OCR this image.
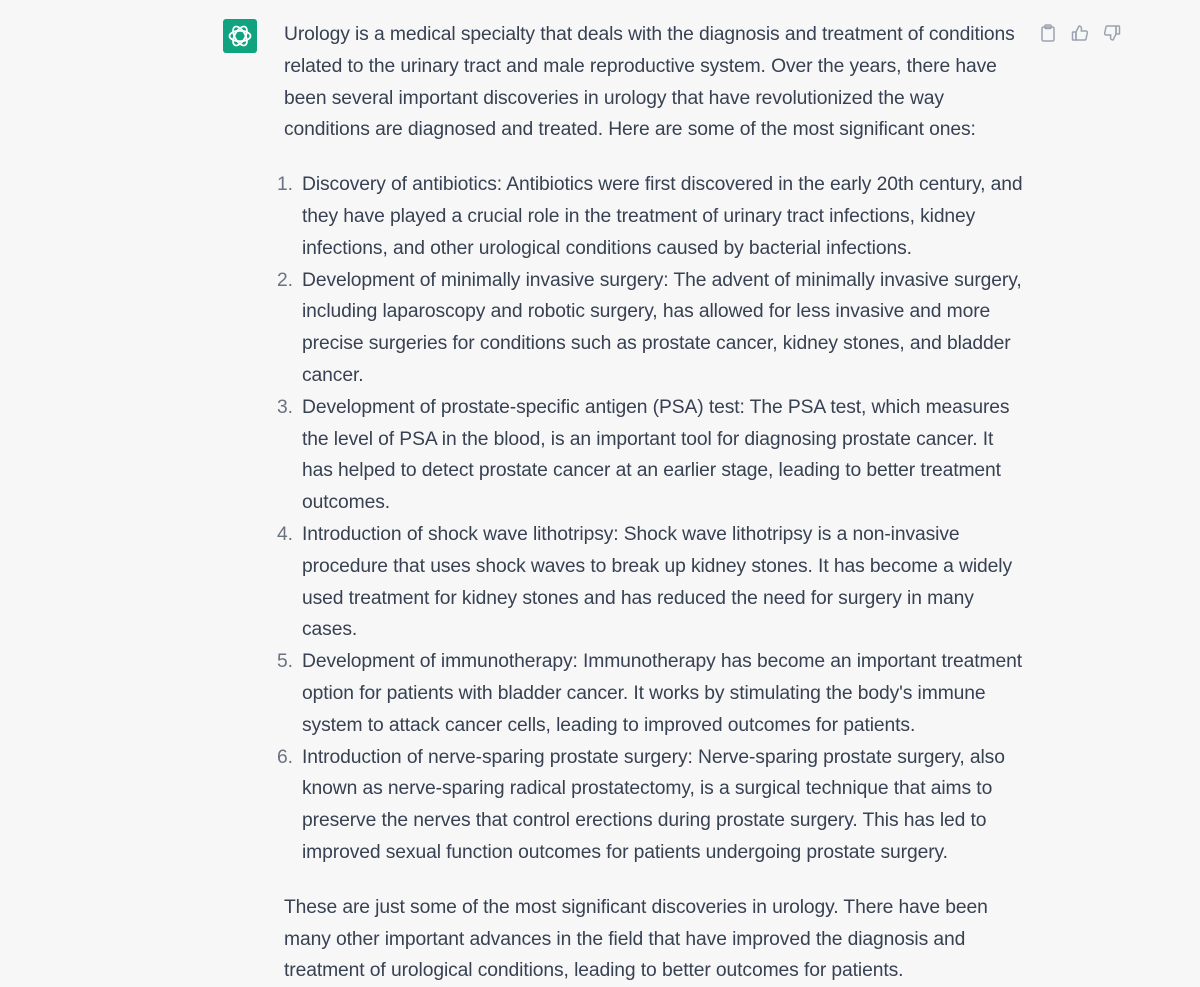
Urology is a medical specialty that deals with the diagnosis and treatment of conditions related to the urinary tract and male reproductive system. Over the years, there have been several important discoveries in urology that have revolutionized the way conditions are diagnosed and treated. Here are some of the most significant ones:

1. Discovery of antibiotics: Antibiotics were first discovered in the early 20th century, and they have played a crucial role in the treatment of urinary tract infections, kidney infections, and other urological conditions caused by bacterial infections.
2. Development of minimally invasive surgery: The advent of minimally invasive surgery, including laparoscopy and robotic surgery, has allowed for less invasive and more precise surgeries for conditions such as prostate cancer, kidney stones, and bladder cancer.
3. Development of prostate-specific antigen (PSA) test: The PSA test, which measures the level of PSA in the blood, is an important tool for diagnosing prostate cancer. It has helped to detect prostate cancer at an earlier stage, leading to better treatment outcomes.
4. Introduction of shock wave lithotripsy: Shock wave lithotripsy is a non-invasive procedure that uses shock waves to break up kidney stones. It has become a widely used treatment for kidney stones and has reduced the need for surgery in many cases.
5. Development of immunotherapy: Immunotherapy has become an important treatment option for patients with bladder cancer. It works by stimulating the body's immune system to attack cancer cells, leading to improved outcomes for patients.
6. Introduction of nerve-sparing prostate surgery: Nerve-sparing prostate surgery, also known as nerve-sparing radical prostatectomy, is a surgical technique that aims to preserve the nerves that control erections during prostate surgery. This has led to improved sexual function outcomes for patients undergoing prostate surgery.

These are just some of the most significant discoveries in urology. There have been many other important advances in the field that have improved the diagnosis and treatment of urological conditions, leading to better outcomes for patients.
